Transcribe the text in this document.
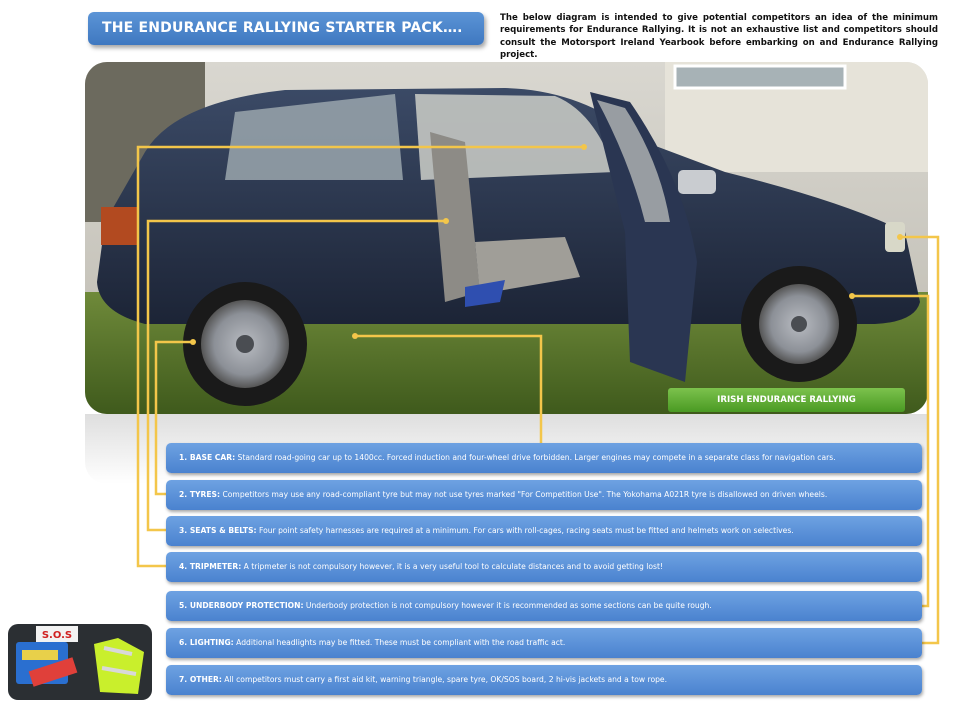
THE ENDURANCE RALLYING STARTER PACK….
The below diagram is intended to give potential competitors an idea of the minimum requirements for Endurance Rallying. It is not an exhaustive list and competitors should consult the Motorsport Ireland Yearbook before embarking on and Endurance Rallying project.
IRISH ENDURANCE RALLYING
1. BASE CAR: Standard road-going car up to 1400cc. Forced induction and four-wheel drive forbidden. Larger engines may compete in a separate class for navigation cars.
2. TYRES: Competitors may use any road-compliant tyre but may not use tyres marked "For Competition Use". The Yokohama A021R tyre is disallowed on driven wheels.
3. SEATS & BELTS: Four point safety harnesses are required at a minimum. For cars with roll-cages, racing seats must be fitted and helmets work on selectives.
4. TRIPMETER: A tripmeter is not compulsory however, it is a very useful tool to calculate distances and to avoid getting lost!
5. UNDERBODY PROTECTION: Underbody protection is not compulsory however it is recommended as some sections can be quite rough.
6. LIGHTING: Additional headlights may be fitted. These must be compliant with the road traffic act.
7. OTHER: All competitors must carry a first aid kit, warning triangle, spare tyre, OK/SOS board, 2 hi-vis jackets and a tow rope.
S.O.S
